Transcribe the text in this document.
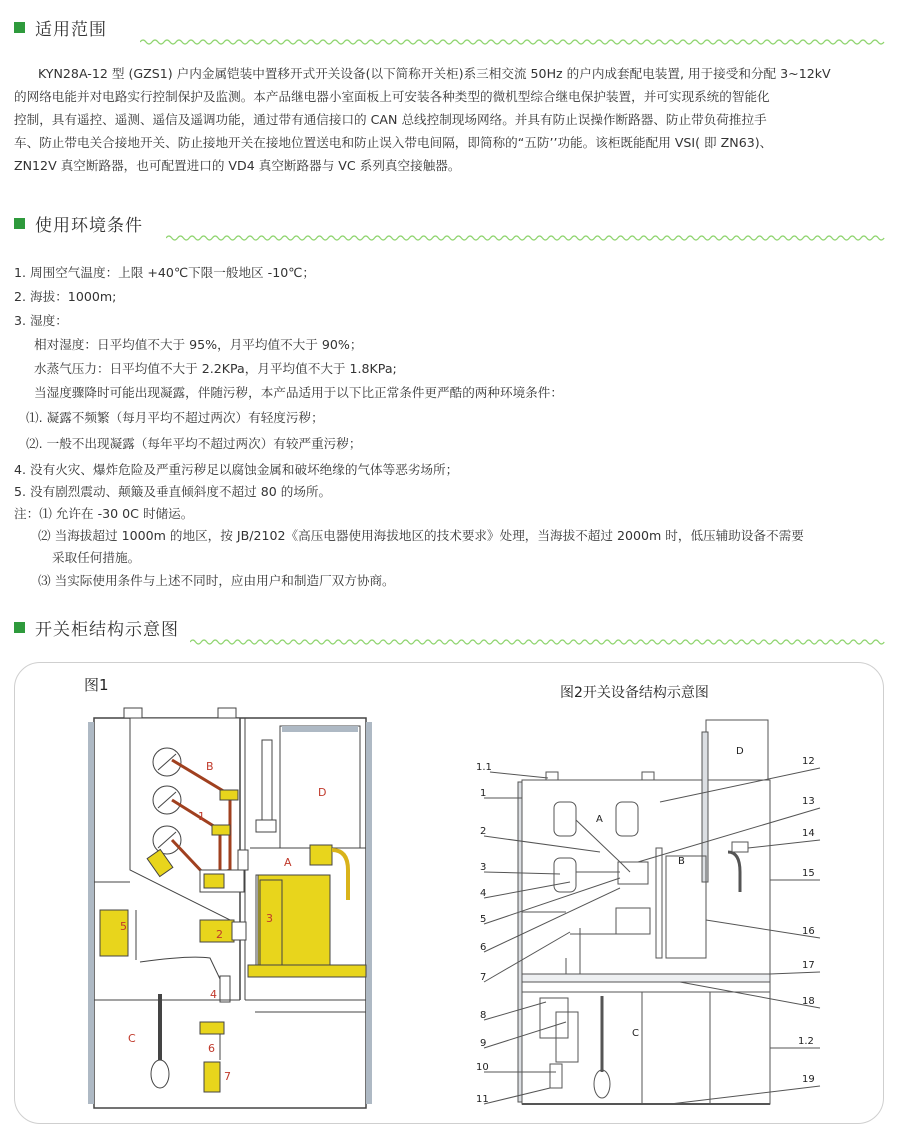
适用范围

KYN28A-12 型 (GZS1) 户内金属铠装中置移开式开关设备(以下简称开关柜)系三相交流 50Hz 的户内成套配电装置, 用于接受和分配 3~12kV

的网络电能并对电路实行控制保护及监测。本产品继电器小室面板上可安装各种类型的微机型综合继电保护装置，并可实现系统的智能化

控制，具有遥控、遥测、遥信及遥调功能，通过带有通信接口的 CAN 总线控制现场网络。并具有防止误操作断路器、防止带负荷推拉手

车、防止带电关合接地开关、防止接地开关在接地位置送电和防止误入带电间隔，即简称的“五防’’功能。该柜既能配用 VSI( 即 ZN63)、

ZN12V 真空断路器，也可配置进口的 VD4 真空断路器与 VC 系列真空接触器。

使用环境条件
1. 周围空气温度：上限 +40℃下限一般地区 -10℃；
2. 海拔：1000m;
3. 湿度：
相对湿度：日平均值不大于 95%，月平均值不大于 90%；
水蒸气压力：日平均值不大于 2.2KPa，月平均值不大于 1.8KPa;
当湿度骤降时可能出现凝露，伴随污秽，本产品适用于以下比正常条件更严酷的两种环境条件：
⑴. 凝露不频繁（每月平均不超过两次）有轻度污秽；
⑵. 一般不出现凝露（每年平均不超过两次）有较严重污秽；
4. 没有火灾、爆炸危险及严重污秽足以腐蚀金属和破坏绝缘的气体等恶劣场所；
5. 没有剧烈震动、颠簸及垂直倾斜度不超过 80 的场所。
注：⑴ 允许在 -30 0C 时储运。
⑵ 当海拔超过 1000m 的地区，按 JB/2102《高压电器使用海拔地区的技术要求》处理，当海拔不超过 2000m 时，低压辅助设备不需要
采取任何措施。
⑶ 当实际使用条件与上述不同时，应由用户和制造厂双方协商。
开关柜结构示意图
图1	图2开关设备结构示意图
B
1
D
A
3
5
2
4
C
6
7
A
B
C
D
1.1
1
2
3
4
5
6
7
8
9
10
11
12
13
14
15
16
17
18
1.2
19
